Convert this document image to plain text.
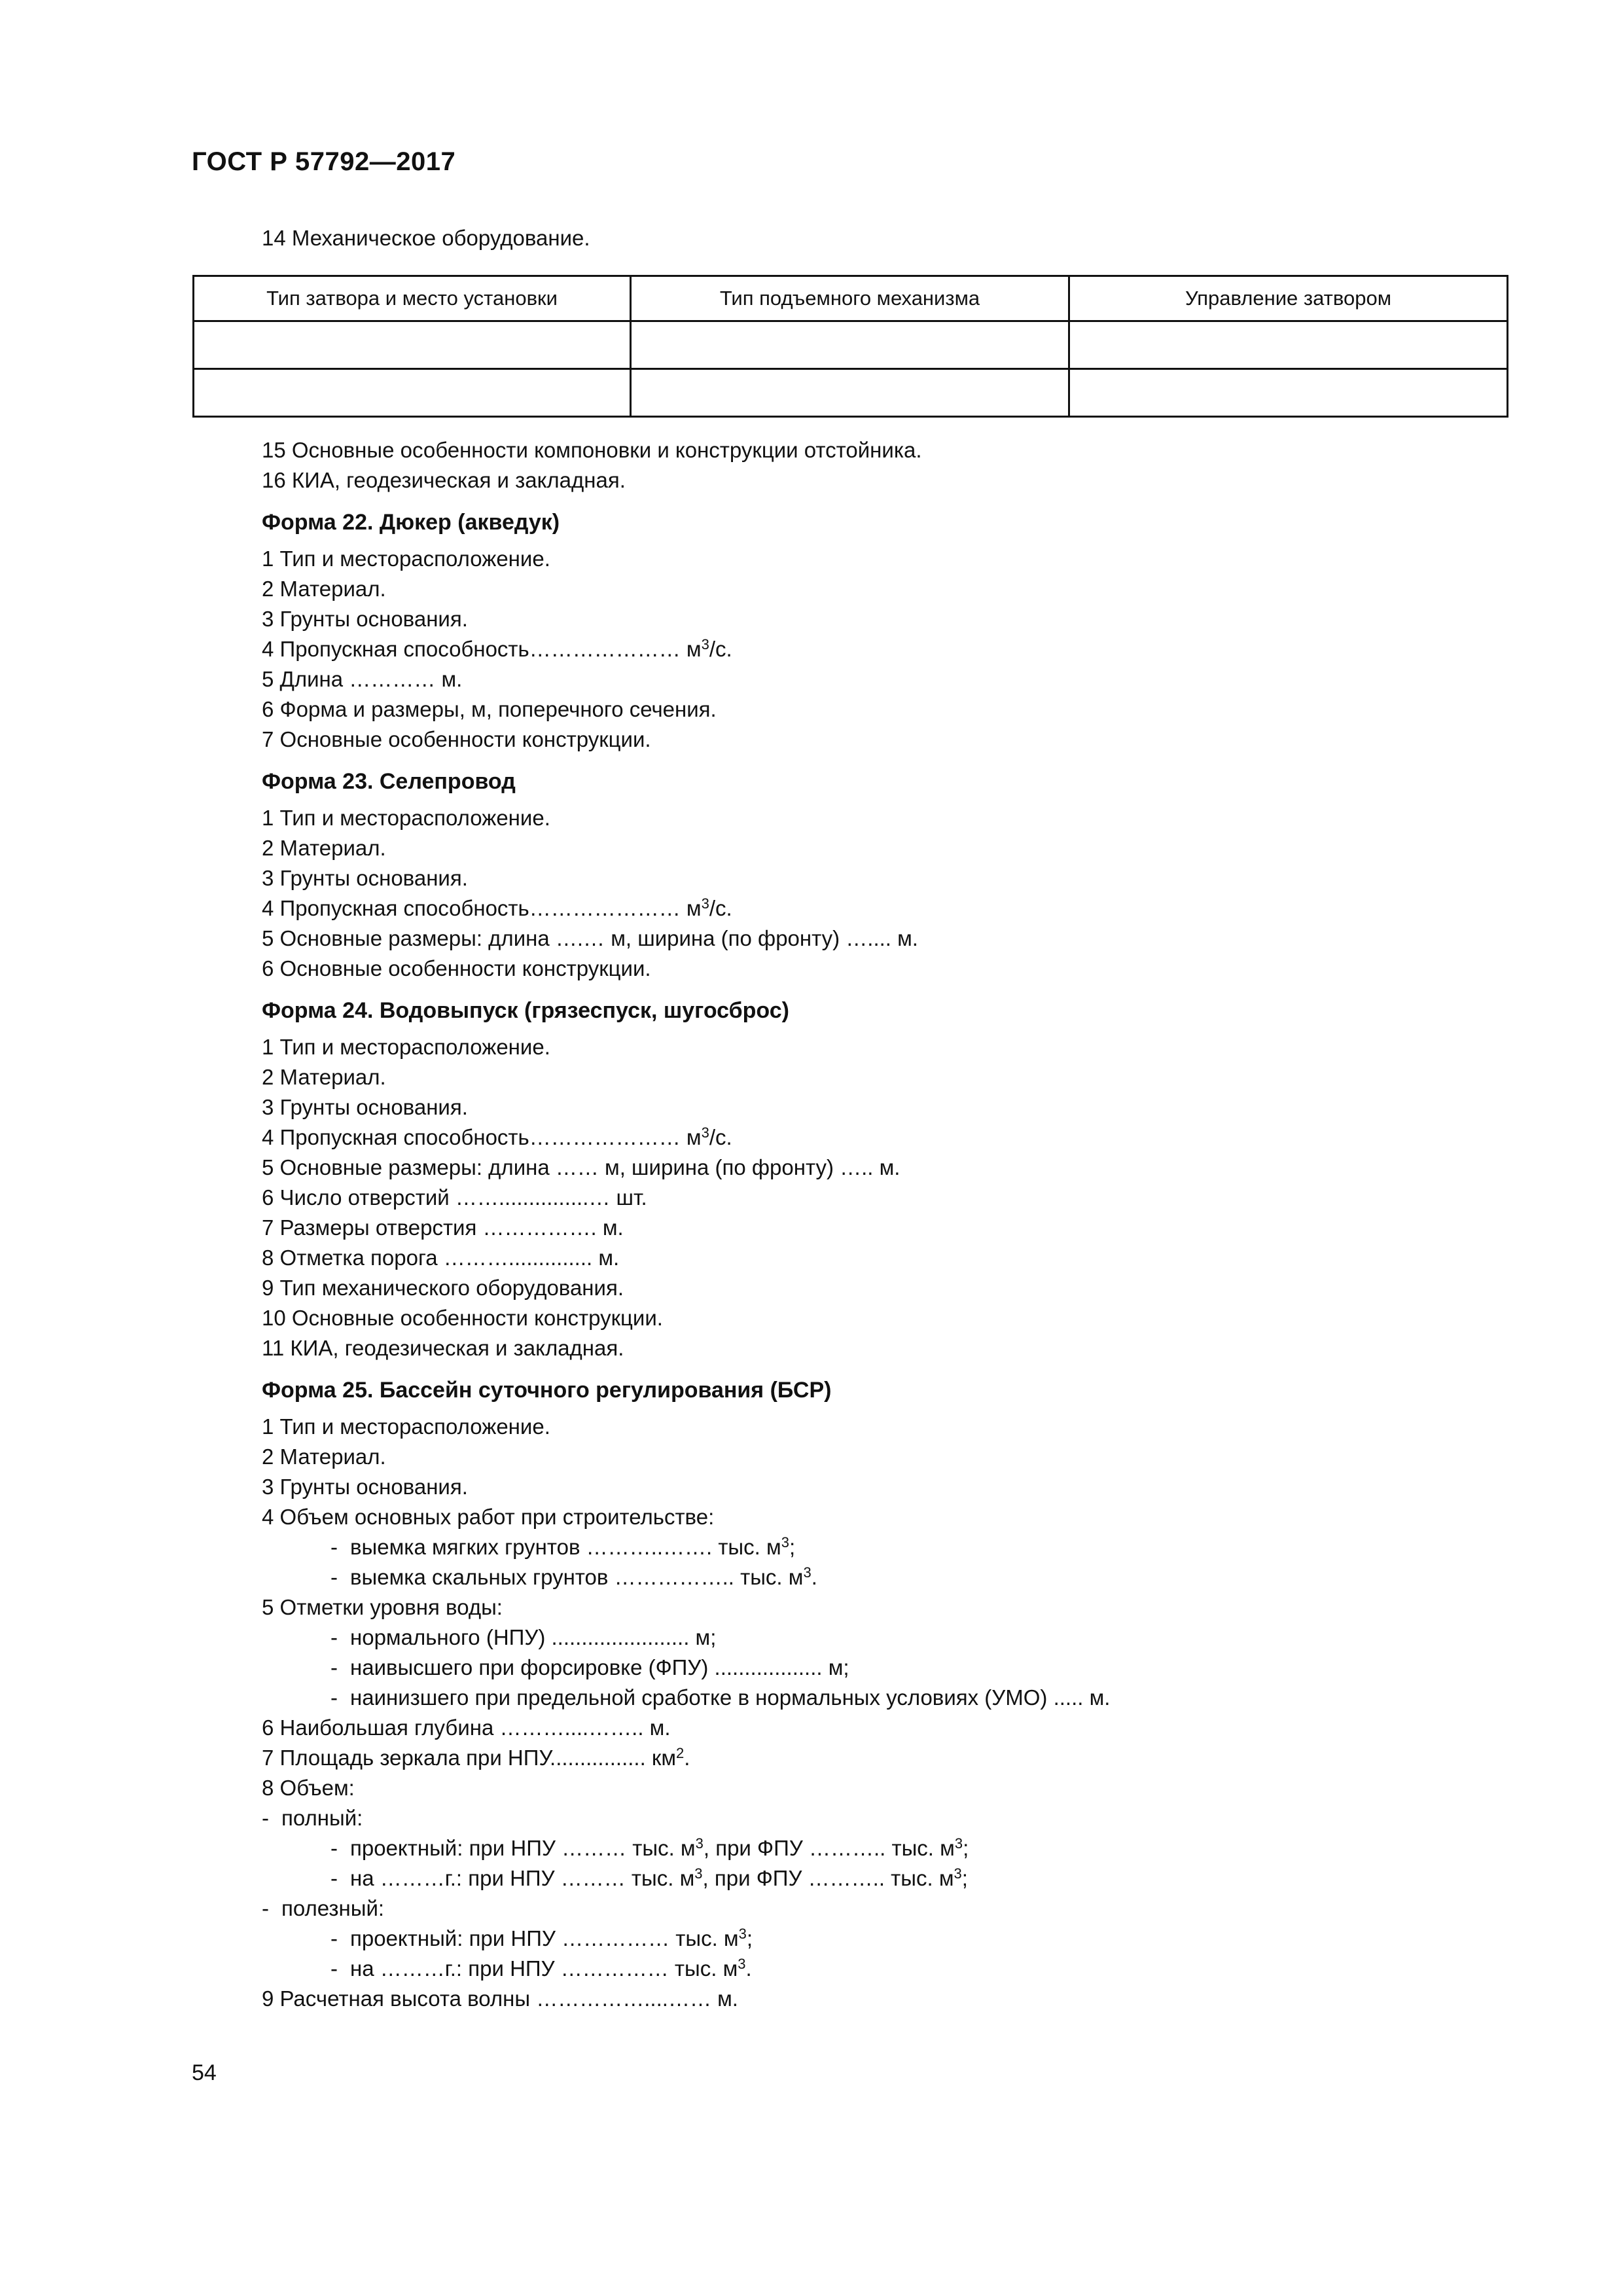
ГОСТ Р 57792—2017
14 Механическое оборудование.
Тип затвора и место установки	Тип подъемного механизма	Управление затвором

15 Основные особенности компоновки и конструкции отстойника.
16 КИА, геодезическая и закладная.
Форма 22. Дюкер (акведук)
1 Тип и месторасположение.
2 Материал.
3 Грунты основания.
4 Пропускная способность………………… $м^3/с$.
5 Длина ………… м.
6 Форма и размеры, м, поперечного сечения.
7 Основные особенности конструкции.
Форма 23. Селепровод
1 Тип и месторасположение.
2 Материал.
3 Грунты основания.
4 Пропускная способность………………… $м^3/с$.
5 Основные размеры: длина ….… м, ширина (по фронту) ….... м.
6 Основные особенности конструкции.
Форма 24. Водовыпуск (грязеспуск, шугосброс)
1 Тип и месторасположение.
2 Материал.
3 Грунты основания.
4 Пропускная способность………………… $м^3/с$.
5 Основные размеры: длина …… м, ширина (по фронту) ….. м.
6 Число отверстий ……...............… шт.
7 Размеры отверстия ……………. м.
8 Отметка порога ……….............. м.
9 Тип механического оборудования.
10 Основные особенности конструкции.
11 КИА, геодезическая и закладная.
Форма 25. Бассейн суточного регулирования (БСР)
1 Тип и месторасположение.
2 Материал.
3 Грунты основания.
4 Объем основных работ при строительстве:
- выемка мягких грунтов ………..……. тыс. $м^3$;
- выемка скальных грунтов …………….. тыс. $м^3$.
5 Отметки уровня воды:
- нормального (НПУ) ....................... м;
- наивысшего при форсировке (ФПУ) .................. м;
- наинизшего при предельной сработке в нормальных условиях (УМО) ..... м.
6 Наибольшая глубина ………....…….. м.
7 Площадь зеркала при НПУ................ $км^2$.
8 Объем:
- полный:
- проектный: при НПУ ……… тыс. $м^3$, при ФПУ ……….. тыс. $м^3$;
- на ………г.: при НПУ ……… тыс. $м^3$, при ФПУ ……….. тыс. $м^3$;
- полезный:
- проектный: при НПУ …………… тыс. $м^3$;
- на ………г.: при НПУ …………… тыс. $м^3$.
9 Расчетная высота волны ……………....…… м.
54
